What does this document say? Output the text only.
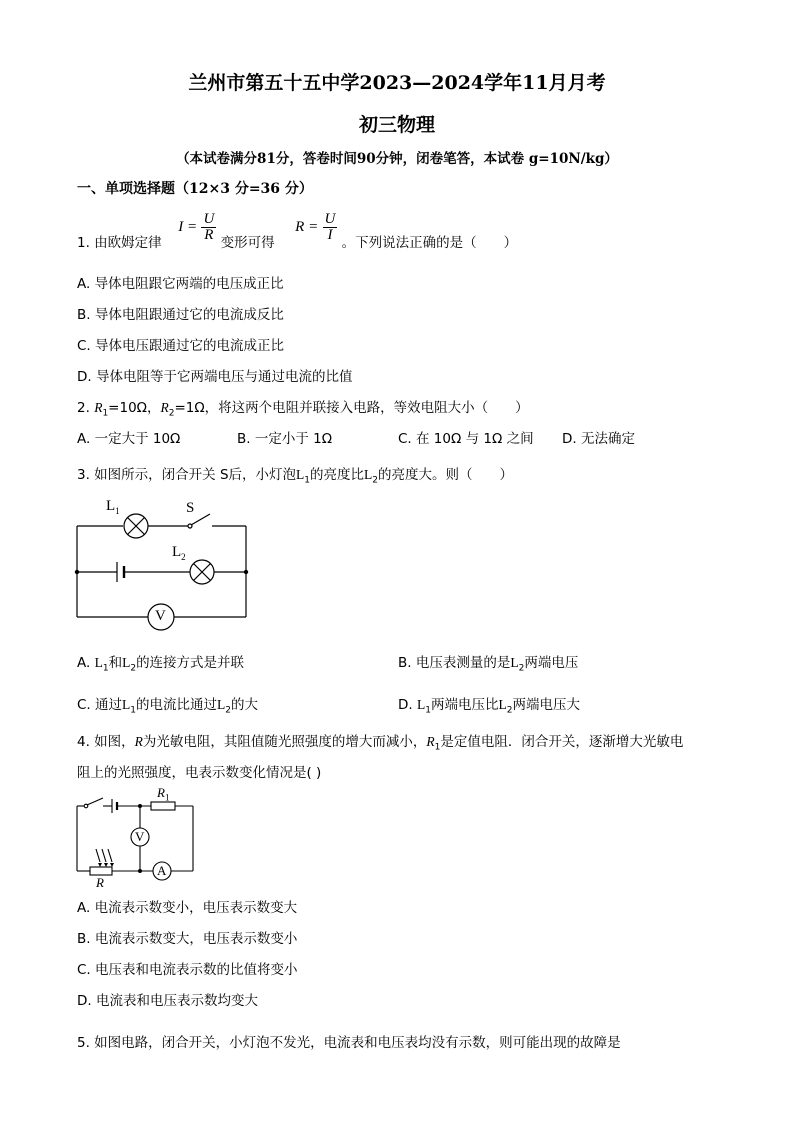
兰州市第五十五中学2023—2024学年11月月考
初三物理
（本试卷满分81分，答卷时间90分钟，闭卷笔答，本试卷 g=10N/kg）
一、单项选择题（12×3 分=36 分）
1. 由欧姆定律  $I = \frac{U}{R}$ 变形可得  $R = \frac{U}{I}$ 。下列说法正确的是（　　）
A. 导体电阻跟它两端的电压成正比
B. 导体电阻跟通过它的电流成反比
C. 导体电压跟通过它的电流成正比
D. 导体电阻等于它两端电压与通过电流的比值
2. $R_1=10\Omega$，$R_2=1\Omega$，将这两个电阻并联接入电路，等效电阻大小（　　）
A. 一定大于 10Ω	B. 一定小于 1Ω	C. 在 10Ω 与 1Ω 之间 D. 无法确定
3. 如图所示，闭合开关 S后，小灯泡$L_1$的亮度比$L_2$的亮度大。则（　　）
$L_1$	S
$L_2$
V
A. $L_1$和$L_2$的连接方式是并联	B. 电压表测量的是$L_2$两端电压
C. 通过$L_1$的电流比通过$L_2$的大	D. $L_1$两端电压比$L_2$两端电压大
4. 如图，R为光敏电阻，其阻值随光照强度的增大而减小，$R_1$是定值电阻．闭合开关，逐渐增大光敏电
阻上的光照强度，电表示数变化情况是( )
$R_1$
V
A
R
A. 电流表示数变小，电压表示数变大
B. 电流表示数变大，电压表示数变小
C. 电压表和电流表示数的比值将变小
D. 电流表和电压表示数均变大
5. 如图电路，闭合开关，小灯泡不发光，电流表和电压表均没有示数，则可能出现的故障是
